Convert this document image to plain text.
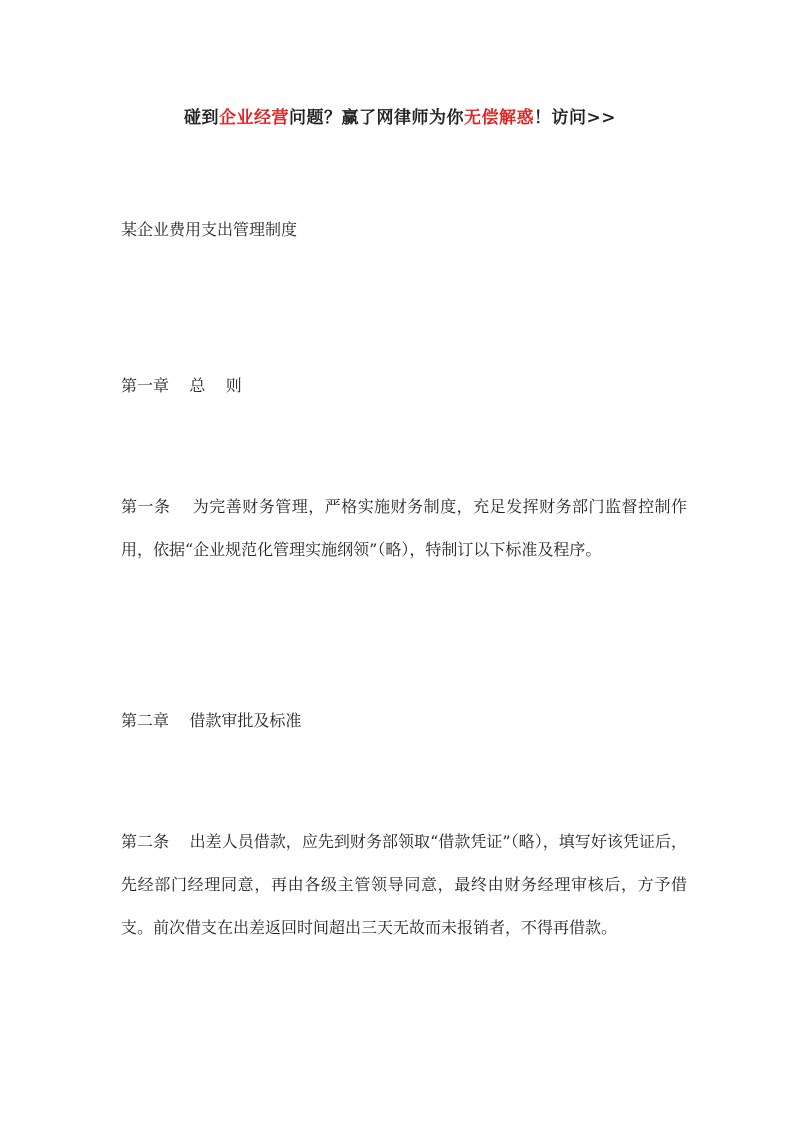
碰到企业经营问题？赢了网律师为你无偿解惑！访问>>
某企业费用支出管理制度
第一章 总    则
第一条 为完善财务管理，严格实施财务制度，充足发挥财务部门监督控制作用，依据“企业规范化管理实施纲领”（略），特制订以下标准及程序。
第二章 借款审批及标准
第二条 出差人员借款，应先到财务部领取“借款凭证”（略），填写好该凭证后，先经部门经理同意，再由各级主管领导同意，最终由财务经理审核后，方予借支。前次借支在出差返回时间超出三天无故而未报销者，不得再借款。
